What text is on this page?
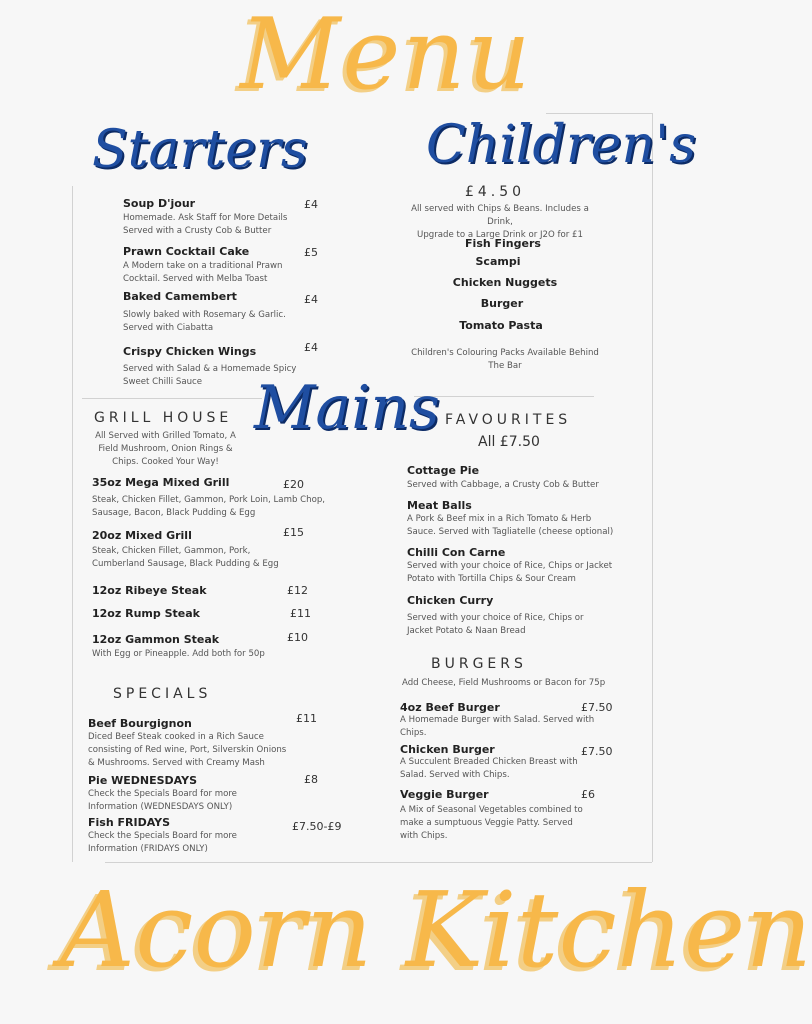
Menu
Starters Children's
Mains
Acorn Kitchen
Soup D'jour
Homemade. Ask Staff for More Details
Served with a Crusty Cob & Butter
£4
Prawn Cocktail Cake
A Modern take on a traditional Prawn
Cocktail. Served with Melba Toast
£5
Baked Camembert
Slowly baked with Rosemary & Garlic.
Served with Ciabatta
£4
Crispy Chicken Wings
Served with Salad & a Homemade Spicy
Sweet Chilli Sauce
£4
£4.50
All served with Chips & Beans. Includes a Drink,
Upgrade to a Large Drink or J2O for £1
Fish Fingers
Scampi
Chicken Nuggets
Burger
Tomato Pasta
Children's Colouring Packs Available Behind
The Bar
GRILL HOUSE
All Served with Grilled Tomato, A
Field Mushroom, Onion Rings &
Chips. Cooked Your Way!
35oz Mega Mixed Grill
Steak, Chicken Fillet, Gammon, Pork Loin, Lamb Chop,
Sausage, Bacon, Black Pudding & Egg
£20
20oz Mixed Grill
Steak, Chicken Fillet, Gammon, Pork,
Cumberland Sausage, Black Pudding & Egg
£15
12oz Ribeye Steak	£12
12oz Rump Steak	£11
12oz Gammon Steak
With Egg or Pineapple. Add both for 50p
£10
SPECIALS
Beef Bourgignon
Diced Beef Steak cooked in a Rich Sauce
consisting of Red wine, Port, Silverskin Onions
& Mushrooms. Served with Creamy Mash
£11
Pie WEDNESDAYS
Check the Specials Board for more
Information (WEDNESDAYS ONLY)
£8
Fish FRIDAYS
Check the Specials Board for more
Information (FRIDAYS ONLY)
£7.50-£9
FAVOURITES
All £7.50
Cottage Pie
Served with Cabbage, a Crusty Cob & Butter
Meat Balls
A Pork & Beef mix in a Rich Tomato & Herb
Sauce. Served with Tagliatelle (cheese optional)
Chilli Con Carne
Served with your choice of Rice, Chips or Jacket
Potato with Tortilla Chips & Sour Cream
Chicken Curry
Served with your choice of Rice, Chips or
Jacket Potato & Naan Bread
BURGERS
Add Cheese, Field Mushrooms or Bacon for 75p
4oz Beef Burger
A Homemade Burger with Salad. Served with
Chips.
£7.50
Chicken Burger
A Succulent Breaded Chicken Breast with
Salad. Served with Chips.
£7.50
Veggie Burger
A Mix of Seasonal Vegetables combined to
make a sumptuous Veggie Patty. Served
with Chips.
£6
